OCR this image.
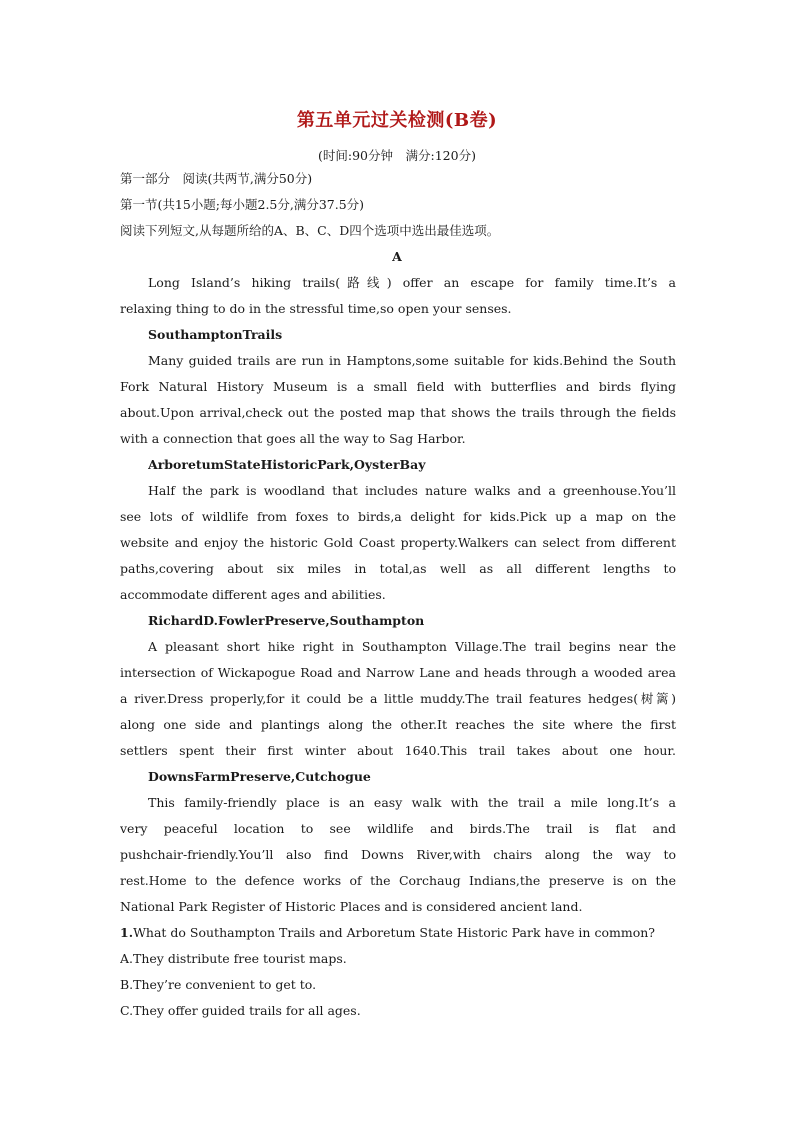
第五单元过关检测(B卷)
(时间:90分钟　满分:120分)
第一部分　阅读(共两节,满分50分)
第一节(共15小题;每小题2.5分,满分37.5分)
阅读下列短文,从每题所给的A、B、C、D四个选项中选出最佳选项。
A
Long Island’s hiking trails(路线) offer an escape for family time.It’s a
relaxing thing to do in the stressful time,so open your senses.
SouthamptonTrails
Many guided trails are run in Hamptons,some suitable for kids.Behind the South
Fork Natural History Museum is a small field with butterflies and birds flying
about.Upon arrival,check out the posted map that shows the trails through the fields
with a connection that goes all the way to Sag Harbor.
ArboretumStateHistoricPark,OysterBay
Half the park is woodland that includes nature walks and a greenhouse.You’ll
see lots of wildlife from foxes to birds,a delight for kids.Pick up a map on the
website and enjoy the historic Gold Coast property.Walkers can select from different
paths,covering about six miles in total,as well as all different lengths to
accommodate different ages and abilities.
RichardD.FowlerPreserve,Southampton
A pleasant short hike right in Southampton Village.The trail begins near the
intersection of Wickapogue Road and Narrow Lane and heads through a wooded area
a river.Dress properly,for it could be a little muddy.The trail features hedges(树篱)
along one side and plantings along the other.It reaches the site where the first
settlers spent their first winter about 1640.This trail takes about one hour.
DownsFarmPreserve,Cutchogue
This family-friendly place is an easy walk with the trail a mile long.It’s a
very peaceful location to see wildlife and birds.The trail is flat and
pushchair-friendly.You’ll also find Downs River,with chairs along the way to
rest.Home to the defence works of the Corchaug Indians,the preserve is on the
National Park Register of Historic Places and is considered ancient land.
1.What do Southampton Trails and Arboretum State Historic Park have in common?
A.They distribute free tourist maps.
B.They’re convenient to get to.
C.They offer guided trails for all ages.
